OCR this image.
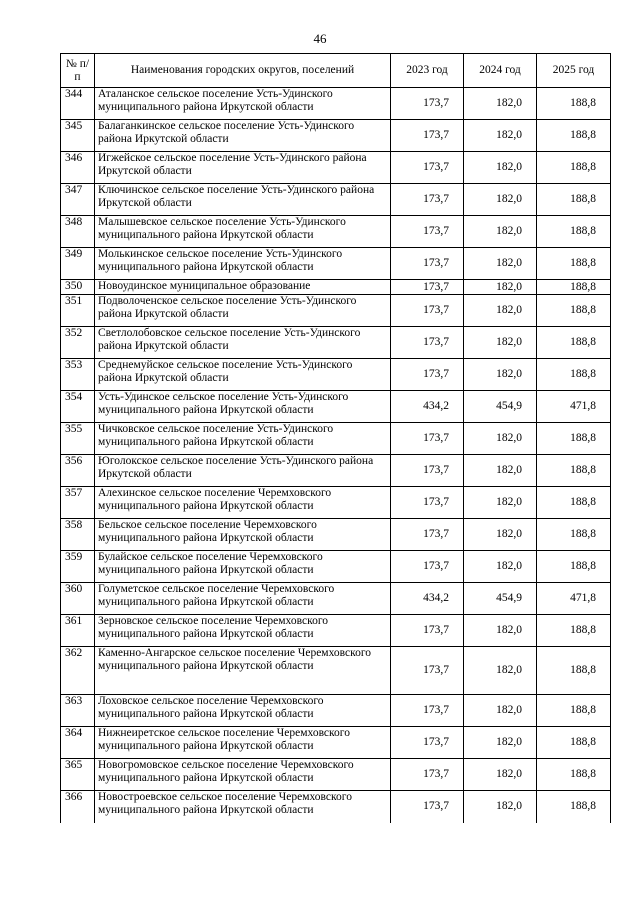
46
№ п/п	Наименования городских округов, поселений	2023 год	2024 год	2025 год
344	Аталанское сельское поселение Усть-Удинского муниципального района Иркутской области	173,7	182,0	188,8
345	Балаганкинское сельское поселение Усть-Удинского района Иркутской области	173,7	182,0	188,8
346	Игжейское сельское поселение Усть-Удинского района Иркутской области	173,7	182,0	188,8
347	Ключинское сельское поселение Усть-Удинского района Иркутской области	173,7	182,0	188,8
348	Малышевское сельское поселение Усть-Удинского муниципального района Иркутской области	173,7	182,0	188,8
349	Молькинское сельское поселение Усть-Удинского муниципального района Иркутской области	173,7	182,0	188,8
350	Новоудинское муниципальное образование	173,7	182,0	188,8
351	Подволоченское сельское поселение Усть-Удинского района Иркутской области	173,7	182,0	188,8
352	Светлолобовское сельское поселение Усть-Удинского района Иркутской области	173,7	182,0	188,8
353	Среднемуйское сельское поселение Усть-Удинского района Иркутской области	173,7	182,0	188,8
354	Усть-Удинское сельское поселение Усть-Удинского муниципального района Иркутской области	434,2	454,9	471,8
355	Чичковское сельское поселение Усть-Удинского муниципального района Иркутской области	173,7	182,0	188,8
356	Юголокское сельское поселение Усть-Удинского района Иркутской области	173,7	182,0	188,8
357	Алехинское сельское поселение Черемховского муниципального района Иркутской области	173,7	182,0	188,8
358	Бельское сельское поселение Черемховского муниципального района Иркутской области	173,7	182,0	188,8
359	Булайское сельское поселение Черемховского муниципального района Иркутской области	173,7	182,0	188,8
360	Голуметское сельское поселение Черемховского муниципального района Иркутской области	434,2	454,9	471,8
361	Зерновское сельское поселение Черемховского муниципального района Иркутской области	173,7	182,0	188,8
362	Каменно-Ангарское сельское поселение Черемховского муниципального района Иркутской области	173,7	182,0	188,8
363	Лоховское сельское поселение Черемховского муниципального района Иркутской области	173,7	182,0	188,8
364	Нижнеиретское сельское поселение Черемховского муниципального района Иркутской области	173,7	182,0	188,8
365	Новогромовское сельское поселение Черемховского муниципального района Иркутской области	173,7	182,0	188,8
366	Новостроевское сельское поселение Черемховского муниципального района Иркутской области	173,7	182,0	188,8
